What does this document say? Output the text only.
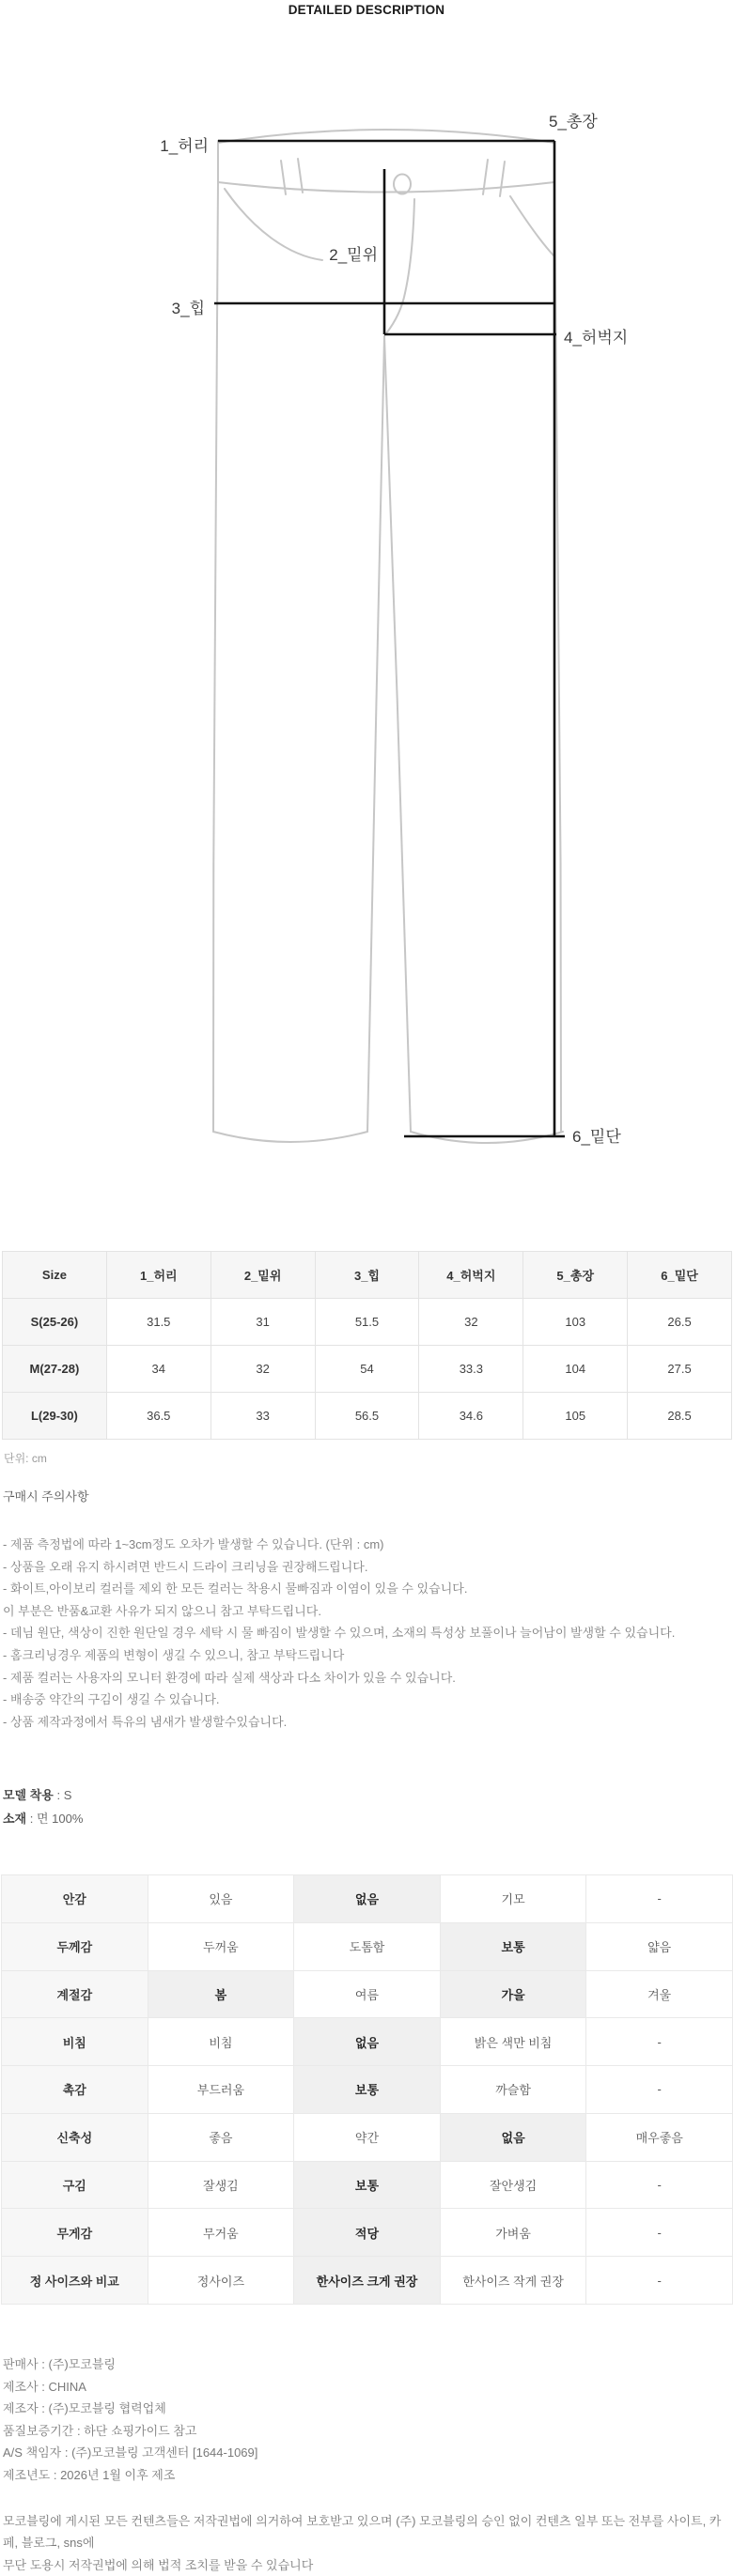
DETAILED DESCRIPTION
1_허리
5_총장
2_밑위
3_힙
4_허벅지
6_밑단
Size	1_허리	2_밑위	3_힙	4_허벅지	5_총장	6_밑단
S(25-26)	31.5	31	51.5	32	103	26.5
M(27-28)	34	32	54	33.3	104	27.5
L(29-30)	36.5	33	56.5	34.6	105	28.5
단위: cm
구매시 주의사항
- 제품 측정법에 따라 1~3cm정도 오차가 발생할 수 있습니다. (단위 : cm)
- 상품을 오래 유지 하시려면 반드시 드라이 크리닝을 권장해드립니다.
- 화이트,아이보리 컬러를 제외 한 모든 컬러는 착용시 물빠짐과 이염이 있을 수 있습니다.
이 부분은 반품&교환 사유가 되지 않으니 참고 부탁드립니다.
- 데님 원단, 색상이 진한 원단일 경우 세탁 시 물 빠짐이 발생할 수 있으며, 소재의 특성상 보풀이나 늘어남이 발생할 수 있습니다.
- 홈크리닝경우 제품의 변형이 생길 수 있으니, 참고 부탁드립니다
- 제품 컬러는 사용자의 모니터 환경에 따라 실제 색상과 다소 차이가 있을 수 있습니다.
- 배송중 약간의 구김이 생길 수 있습니다.
- 상품 제작과정에서 특유의 냄새가 발생할수있습니다.
모델 착용 : S
소재 : 면 100%
안감	있음	없음	기모	-
두께감	두꺼움	도톰함	보통	얇음
계절감	봄	여름	가을	겨울
비침	비침	없음	밝은 색만 비침	-
촉감	부드러움	보통	까슬함	-
신축성	좋음	약간	없음	매우좋음
구김	잘생김	보통	잘안생김	-
무게감	무거움	적당	가벼움	-
정 사이즈와 비교	정사이즈	한사이즈 크게 권장	한사이즈 작게 권장	-
판매사 : (주)모코블링
제조사 : CHINA
제조자 : (주)모코블링 협력업체
품질보증기간 : 하단 쇼핑가이드 참고
A/S 책임자 : (주)모코블링 고객센터 [1644-1069]
제조년도 : 2026년 1월 이후 제조
모코블링에 게시된 모든 컨텐츠들은 저작권법에 의거하여 보호받고 있으며 (주) 모코블링의 승인 없이 컨텐츠 일부 또는 전부를 사이트, 카페, 블로그, sns에
무단 도용시 저작권법에 의해 법적 조치를 받을 수 있습니다
